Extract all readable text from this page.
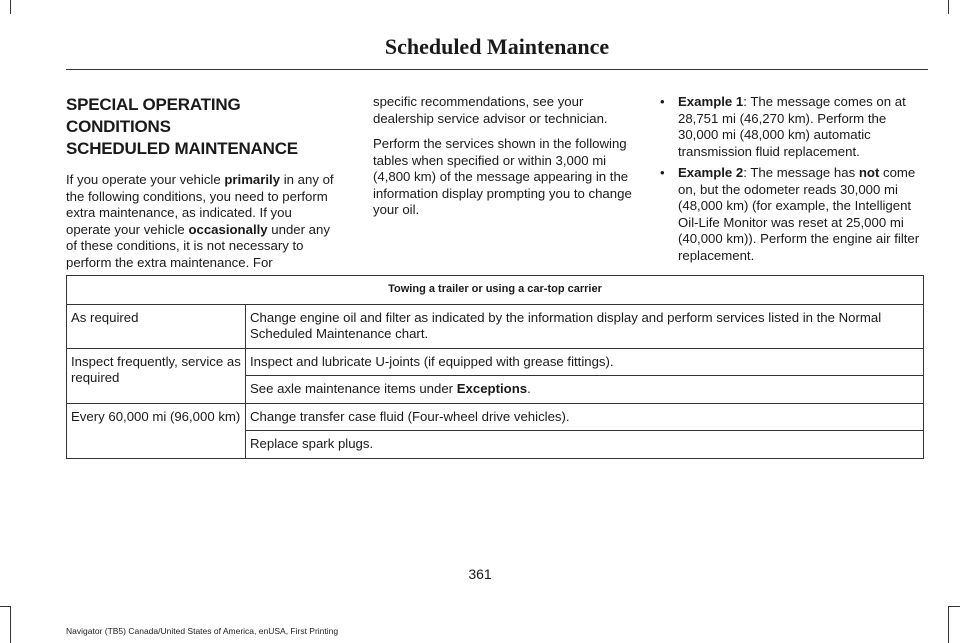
Scheduled Maintenance
SPECIAL OPERATING CONDITIONS
SCHEDULED MAINTENANCE

If you operate your vehicle primarily in any of the following conditions, you need to perform extra maintenance, as indicated. If you operate your vehicle occasionally under any of these conditions, it is not necessary to perform the extra maintenance. For

specific recommendations, see your dealership service advisor or technician.

Perform the services shown in the following tables when specified or within 3,000 mi (4,800 km) of the message appearing in the information display prompting you to change your oil.

• Example 1: The message comes on at 28,751 mi (46,270 km). Perform the 30,000 mi (48,000 km) automatic transmission fluid replacement.
• Example 2: The message has not come on, but the odometer reads 30,000 mi (48,000 km) (for example, the Intelligent Oil-Life Monitor was reset at 25,000 mi (40,000 km)). Perform the engine air filter replacement.
Towing a trailer or using a car-top carrier	
As required	Change engine oil and filter as indicated by the information display and perform services listed in the Normal Scheduled Maintenance chart.
Inspect frequently, service as required	Inspect and lubricate U-joints (if equipped with grease fittings).
	See axle maintenance items under Exceptions.
Every 60,000 mi (96,000 km)	Change transfer case fluid (Four-wheel drive vehicles).
	Replace spark plugs.
361
Navigator (TB5) Canada/United States of America, enUSA, First Printing
